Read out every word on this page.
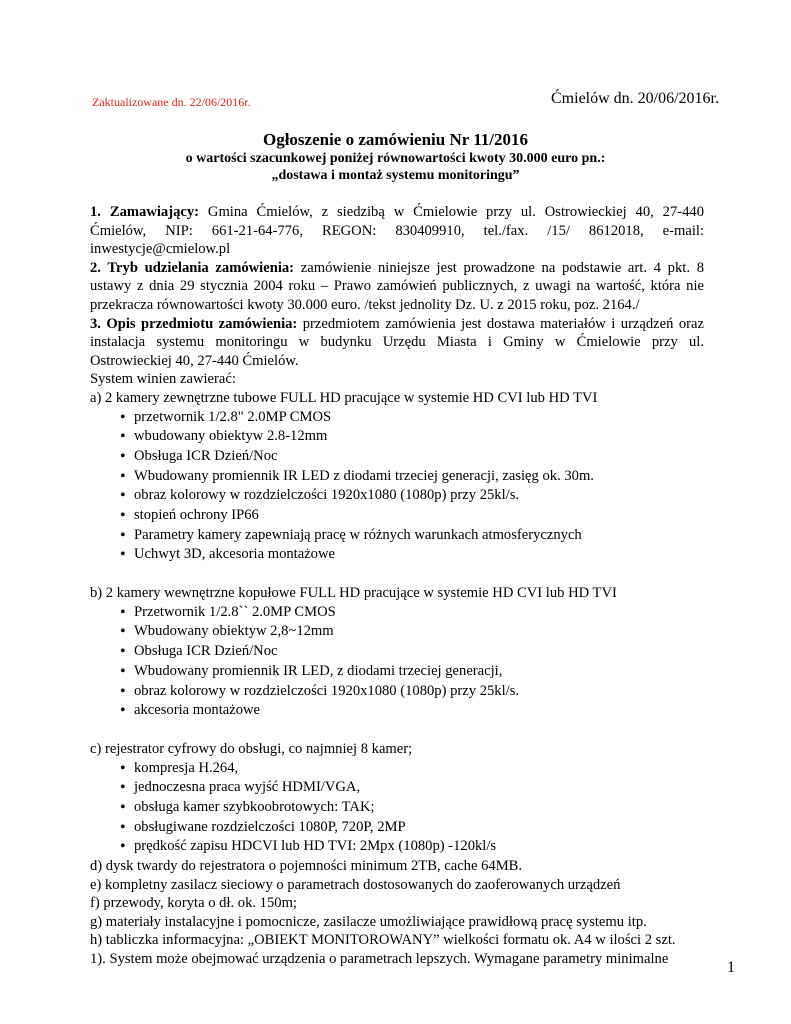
Zaktualizowane dn. 22/06/2016r.	Ćmielów dn. 20/06/2016r.
Ogłoszenie o zamówieniu Nr 11/2016
o wartości szacunkowej poniżej równowartości kwoty 30.000 euro pn.:
„dostawa i montaż systemu monitoringu”
1. Zamawiający: Gmina Ćmielów, z siedzibą w Ćmielowie przy ul. Ostrowieckiej 40, 27-440
Ćmielów, NIP: 661-21-64-776, REGON: 830409910, tel./fax. /15/ 8612018, e-mail:
inwestycje@cmielow.pl
2. Tryb udzielania zamówienia: zamówienie niniejsze jest prowadzone na podstawie art. 4 pkt. 8
ustawy z dnia 29 stycznia 2004 roku – Prawo zamówień publicznych, z uwagi na wartość, która nie
przekracza równowartości kwoty 30.000 euro. /tekst jednolity Dz. U. z 2015 roku, poz. 2164./
3. Opis przedmiotu zamówienia: przedmiotem zamówienia jest dostawa materiałów i urządzeń oraz
instalacja systemu monitoringu w budynku Urzędu Miasta i Gminy w Ćmielowie przy ul.
Ostrowieckiej 40, 27-440 Ćmielów.
System winien zawierać:
a) 2 kamery zewnętrzne tubowe FULL HD pracujące w systemie HD CVI lub HD TVI
• przetwornik 1/2.8" 2.0MP CMOS
• wbudowany obiektyw 2.8-12mm
• Obsługa ICR Dzień/Noc
• Wbudowany promiennik IR LED z diodami trzeciej generacji, zasięg ok. 30m.
• obraz kolorowy w rozdzielczości 1920x1080 (1080p) przy 25kl/s.
• stopień ochrony IP66
• Parametry kamery zapewniają pracę w różnych warunkach atmosferycznych
• Uchwyt 3D, akcesoria montażowe
b) 2 kamery wewnętrzne kopułowe FULL HD pracujące w systemie HD CVI lub HD TVI
• Przetwornik 1/2.8`` 2.0MP CMOS
• Wbudowany obiektyw 2,8~12mm
• Obsługa ICR Dzień/Noc
• Wbudowany promiennik IR LED, z diodami trzeciej generacji,
• obraz kolorowy w rozdzielczości 1920x1080 (1080p) przy 25kl/s.
• akcesoria montażowe
c) rejestrator cyfrowy do obsługi, co najmniej 8 kamer;
• kompresja H.264,
• jednoczesna praca wyjść HDMI/VGA,
• obsługa kamer szybkoobrotowych: TAK;
• obsługiwane rozdzielczości 1080P, 720P, 2MP
• prędkość zapisu HDCVI lub HD TVI: 2Mpx (1080p) -120kl/s
d) dysk twardy do rejestratora o pojemności minimum 2TB, cache 64MB.
e) kompletny zasilacz sieciowy o parametrach dostosowanych do zaoferowanych urządzeń
f) przewody, koryta o dł. ok. 150m;
g) materiały instalacyjne i pomocnicze, zasilacze umożliwiające prawidłową pracę systemu itp.
h) tabliczka informacyjna: „OBIEKT MONITOROWANY” wielkości formatu ok. A4 w ilości 2 szt.
1). System może obejmować urządzenia o parametrach lepszych. Wymagane parametry minimalne	1
